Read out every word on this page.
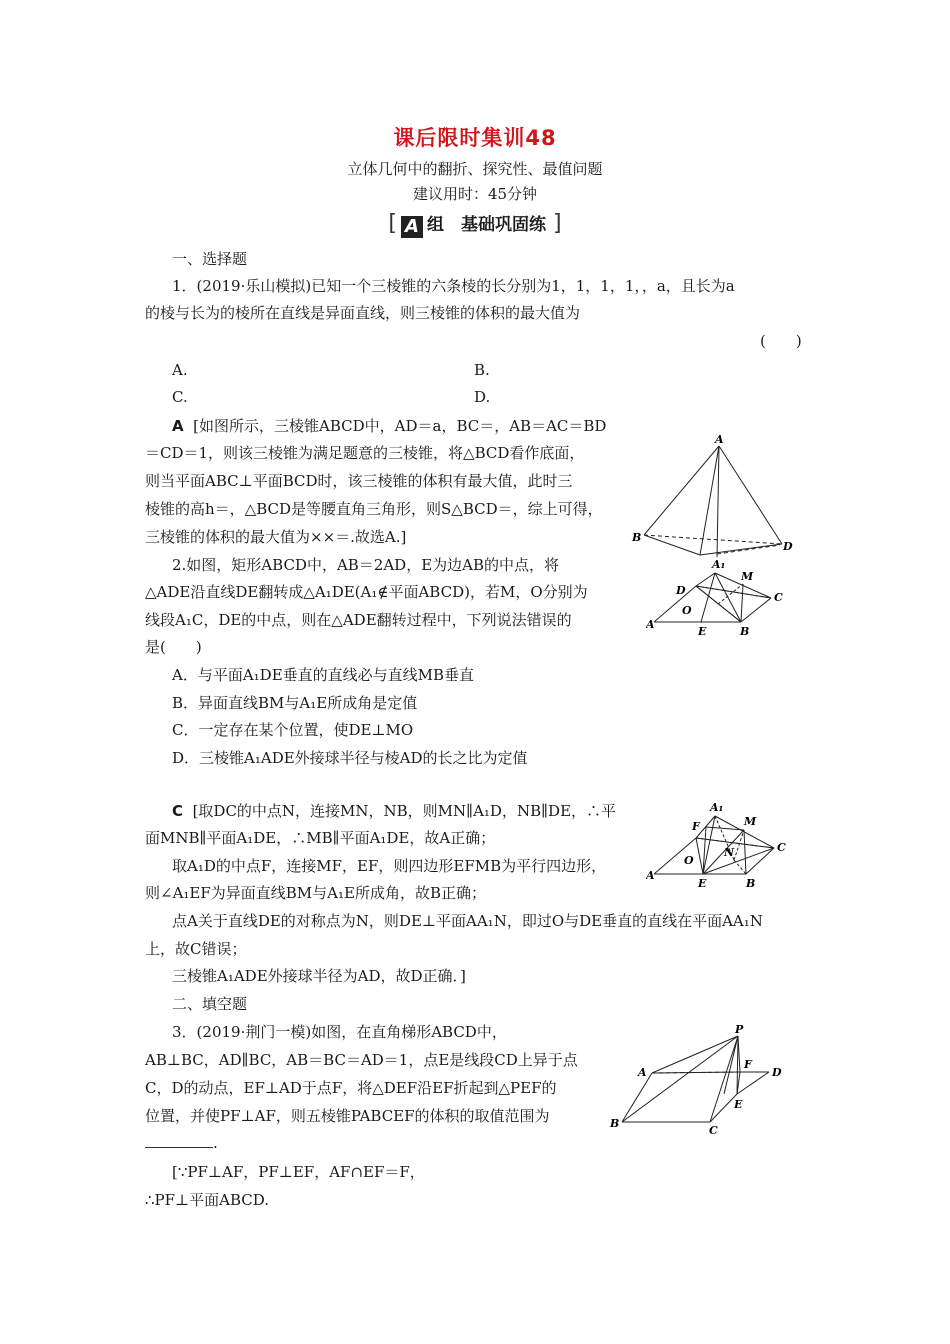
课后限时集训48
立体几何中的翻折、探究性、最值问题
建议用时：45分钟
[ A 组　基础巩固练 ]
一、选择题
1．(2019·乐山模拟)已知一个三棱锥的六条棱的长分别为1，1，1，1，，a，且长为a
的棱与长为的棱所在直线是异面直线，则三棱锥的体积的最大值为
(　　)
A.	B.
C.	D.
A [如图所示，三棱锥ABCD中，AD＝a，BC＝，AB＝AC＝BD
＝CD＝1，则该三棱锥为满足题意的三棱锥，将△BCD看作底面，
则当平面ABC⊥平面BCD时，该三棱锥的体积有最大值，此时三
棱锥的高h＝，△BCD是等腰直角三角形，则S△BCD＝，综上可得，
三棱锥的体积的最大值为××＝.故选A.]
A
B
D
2.如图，矩形ABCD中，AB＝2AD，E为边AB的中点，将
△ADE沿直线DE翻转成△A₁DE(A₁∉平面ABCD)，若M，O分别为
线段A₁C，DE的中点，则在△ADE翻转过程中，下列说法错误的
是(　　)
A．与平面A₁DE垂直的直线必与直线MB垂直
B．异面直线BM与A₁E所成角是定值
C．一定存在某个位置，使DE⊥MO
D．三棱锥A₁ADE外接球半径与棱AD的长之比为定值
A₁
M
D
C
O
A
E	B
C [取DC的中点N，连接MN，NB，则MN∥A₁D，NB∥DE，∴平
面MNB∥平面A₁DE，∴MB∥平面A₁DE，故A正确；
取A₁D的中点F，连接MF，EF，则四边形EFMB为平行四边形，
则∠A₁EF为异面直线BM与A₁E所成角，故B正确；
点A关于直线DE的对称点为N，则DE⊥平面AA₁N，即过O与DE垂直的直线在平面AA₁N
上，故C错误；
三棱锥A₁ADE外接球半径为AD，故D正确．]
A₁
F	M
N	C
O
A
E	B
二、填空题
3．(2019·荆门一模)如图，在直角梯形ABCD中，
AB⊥BC，AD∥BC，AB＝BC＝AD＝1，点E是线段CD上异于点
C，D的动点，EF⊥AD于点F，将△DEF沿EF折起到△PEF的
位置，并使PF⊥AF，则五棱锥PABCEF的体积的取值范围为
.
[∵PF⊥AF，PF⊥EF，AF∩EF＝F，
∴PF⊥平面ABCD.
P
A
F
D
E
B
C
